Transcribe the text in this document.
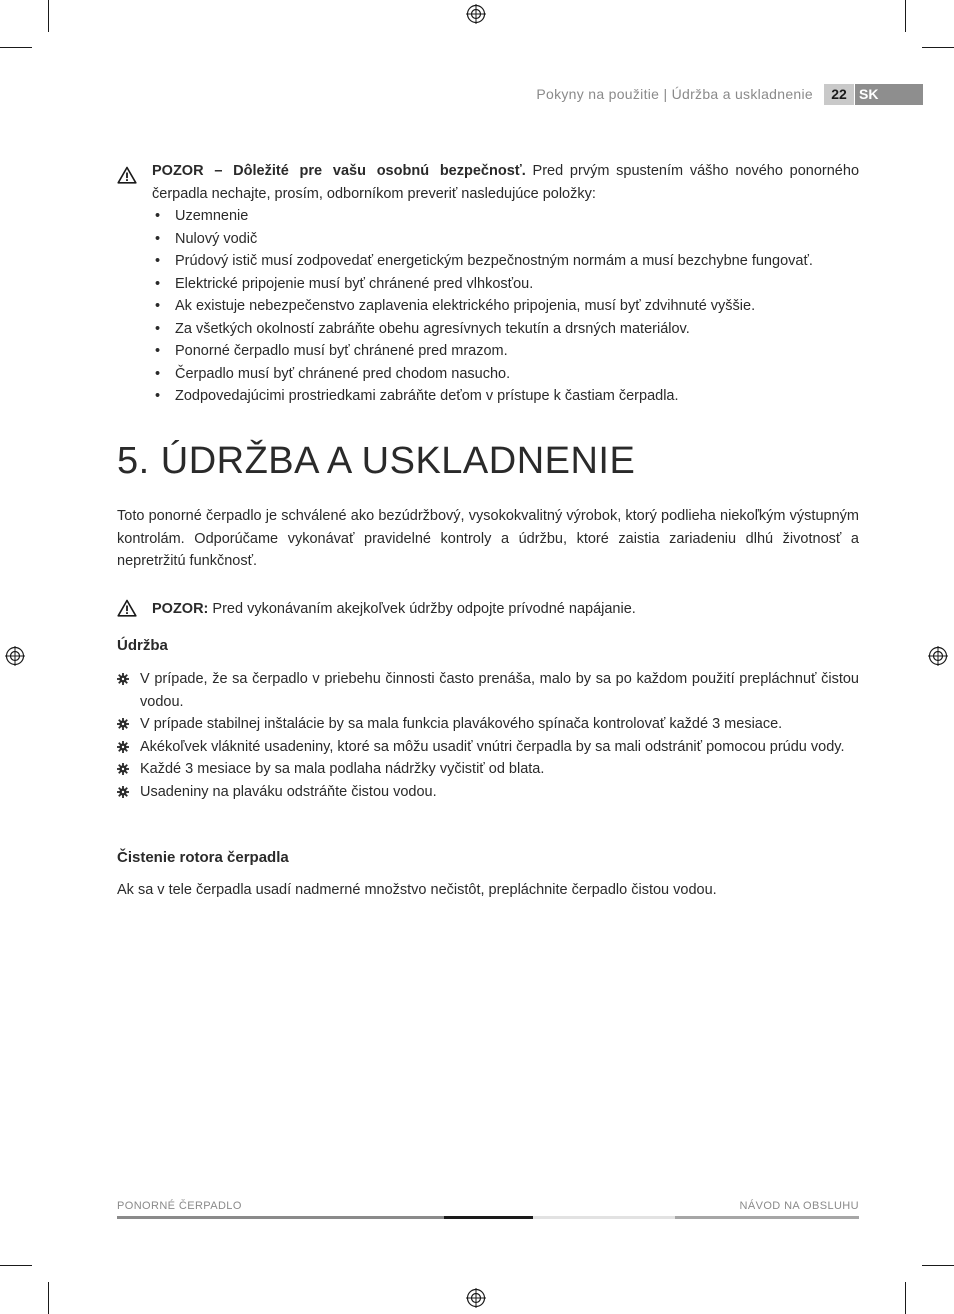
Pokyny na použitie | Údržba a uskladnenie	22 SK
POZOR – Dôležité pre vašu osobnú bezpečnosť. Pred prvým spustením vášho nového ponorného čerpadla nechajte, prosím, odborníkom preveriť nasledujúce položky:
• Uzemnenie
• Nulový vodič
• Prúdový istič musí zodpovedať energetickým bezpečnostným normám a musí bezchybne fungovať.
• Elektrické pripojenie musí byť chránené pred vlhkosťou.
• Ak existuje nebezpečenstvo zaplavenia elektrického pripojenia, musí byť zdvihnuté vyššie.
• Za všetkých okolností zabráňte obehu agresívnych tekutín a drsných materiálov.
• Ponorné čerpadlo musí byť chránené pred mrazom.
• Čerpadlo musí byť chránené pred chodom nasucho.
• Zodpovedajúcimi prostriedkami zabráňte deťom v prístupe k častiam čerpadla.
5. ÚDRŽBA A USKLADNENIE
Toto ponorné čerpadlo je schválené ako bezúdržbový, vysokokvalitný výrobok, ktorý podlieha niekoľkým výstupným kontrolám. Odporúčame vykonávať pravidelné kontroly a údržbu, ktoré zaistia zariadeniu dlhú životnosť a nepretržitú funkčnosť.
POZOR: Pred vykonávaním akejkoľvek údržby odpojte prívodné napájanie.
Údržba
V prípade, že sa čerpadlo v priebehu činnosti často prenáša, malo by sa po každom použití prepláchnuť čistou vodou.
V prípade stabilnej inštalácie by sa mala funkcia plavákového spínača kontrolovať každé 3 mesiace.
Akékoľvek vláknité usadeniny, ktoré sa môžu usadiť vnútri čerpadla by sa mali odstrániť pomocou prúdu vody.
Každé 3 mesiace by sa mala podlaha nádržky vyčistiť od blata.
Usadeniny na plaváku odstráňte čistou vodou.
Čistenie rotora čerpadla
Ak sa v tele čerpadla usadí nadmerné množstvo nečistôt, prepláchnite čerpadlo čistou vodou.
PONORNÉ ČERPADLO	NÁVOD NA OBSLUHU
